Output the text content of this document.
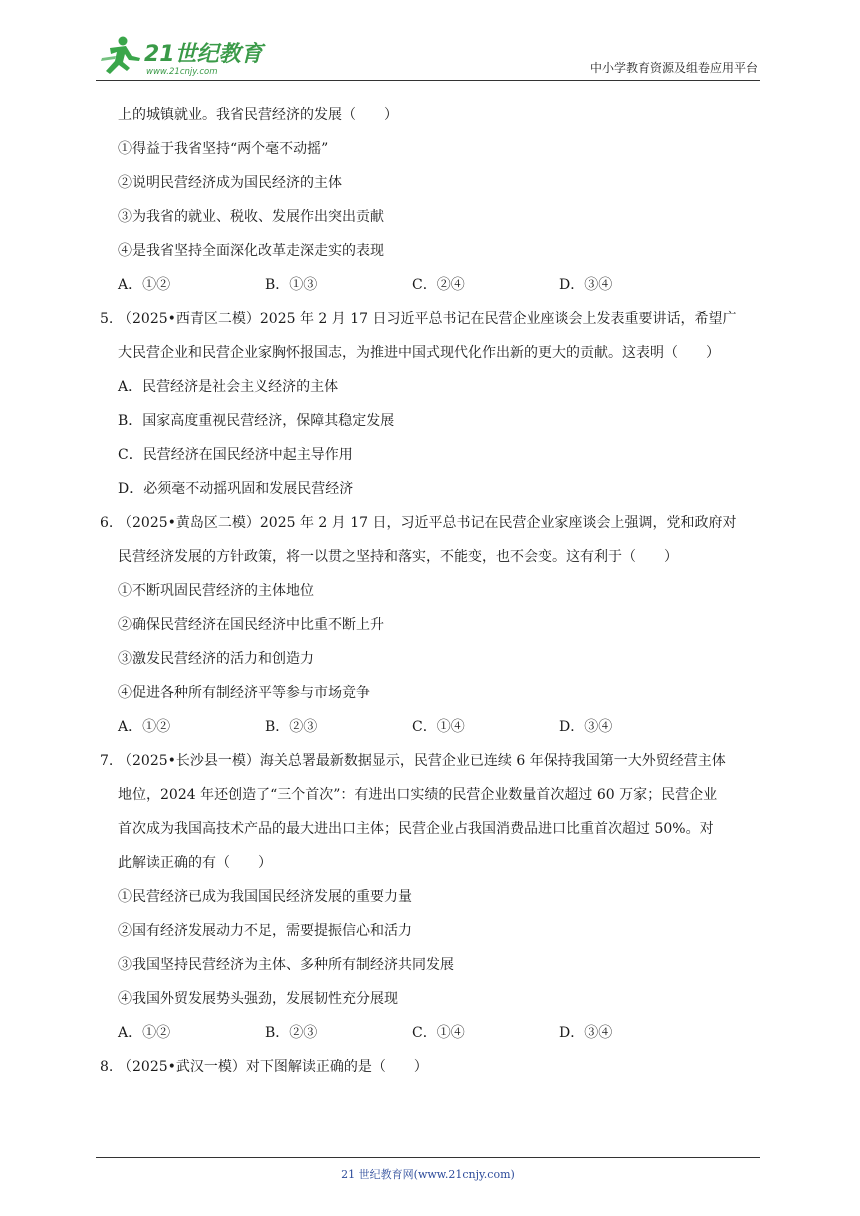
21世纪教育
www.21cnjy.com	中小学教育资源及组卷应用平台
上的城镇就业。我省民营经济的发展（　　）
①得益于我省坚持“两个毫不动摇”
②说明民营经济成为国民经济的主体
③为我省的就业、税收、发展作出突出贡献
④是我省坚持全面深化改革走深走实的表现
A．①②	B．①③	C．②④	D．③④
5. （2025•西青区二模）2025 年 2 月 17 日习近平总书记在民营企业座谈会上发表重要讲话，希望广
大民营企业和民营企业家胸怀报国志，为推进中国式现代化作出新的更大的贡献。这表明（　　）
A．民营经济是社会主义经济的主体
B．国家高度重视民营经济，保障其稳定发展
C．民营经济在国民经济中起主导作用
D．必须毫不动摇巩固和发展民营经济
6. （2025•黄岛区二模）2025 年 2 月 17 日，习近平总书记在民营企业家座谈会上强调，党和政府对
民营经济发展的方针政策，将一以贯之坚持和落实，不能变，也不会变。这有利于（　　）
①不断巩固民营经济的主体地位
②确保民营经济在国民经济中比重不断上升
③激发民营经济的活力和创造力
④促进各种所有制经济平等参与市场竞争
A．①②	B．②③	C．①④	D．③④
7. （2025•长沙县一模）海关总署最新数据显示，民营企业已连续 6 年保持我国第一大外贸经营主体
地位，2024 年还创造了“三个首次”：有进出口实绩的民营企业数量首次超过 60 万家；民营企业
首次成为我国高技术产品的最大进出口主体；民营企业占我国消费品进口比重首次超过 50%。对
此解读正确的有（　　）
①民营经济已成为我国国民经济发展的重要力量
②国有经济发展动力不足，需要提振信心和活力
③我国坚持民营经济为主体、多种所有制经济共同发展
④我国外贸发展势头强劲，发展韧性充分展现
A．①②	B．②③	C．①④	D．③④
8. （2025•武汉一模）对下图解读正确的是（　　）
21 世纪教育网(www.21cnjy.com)
